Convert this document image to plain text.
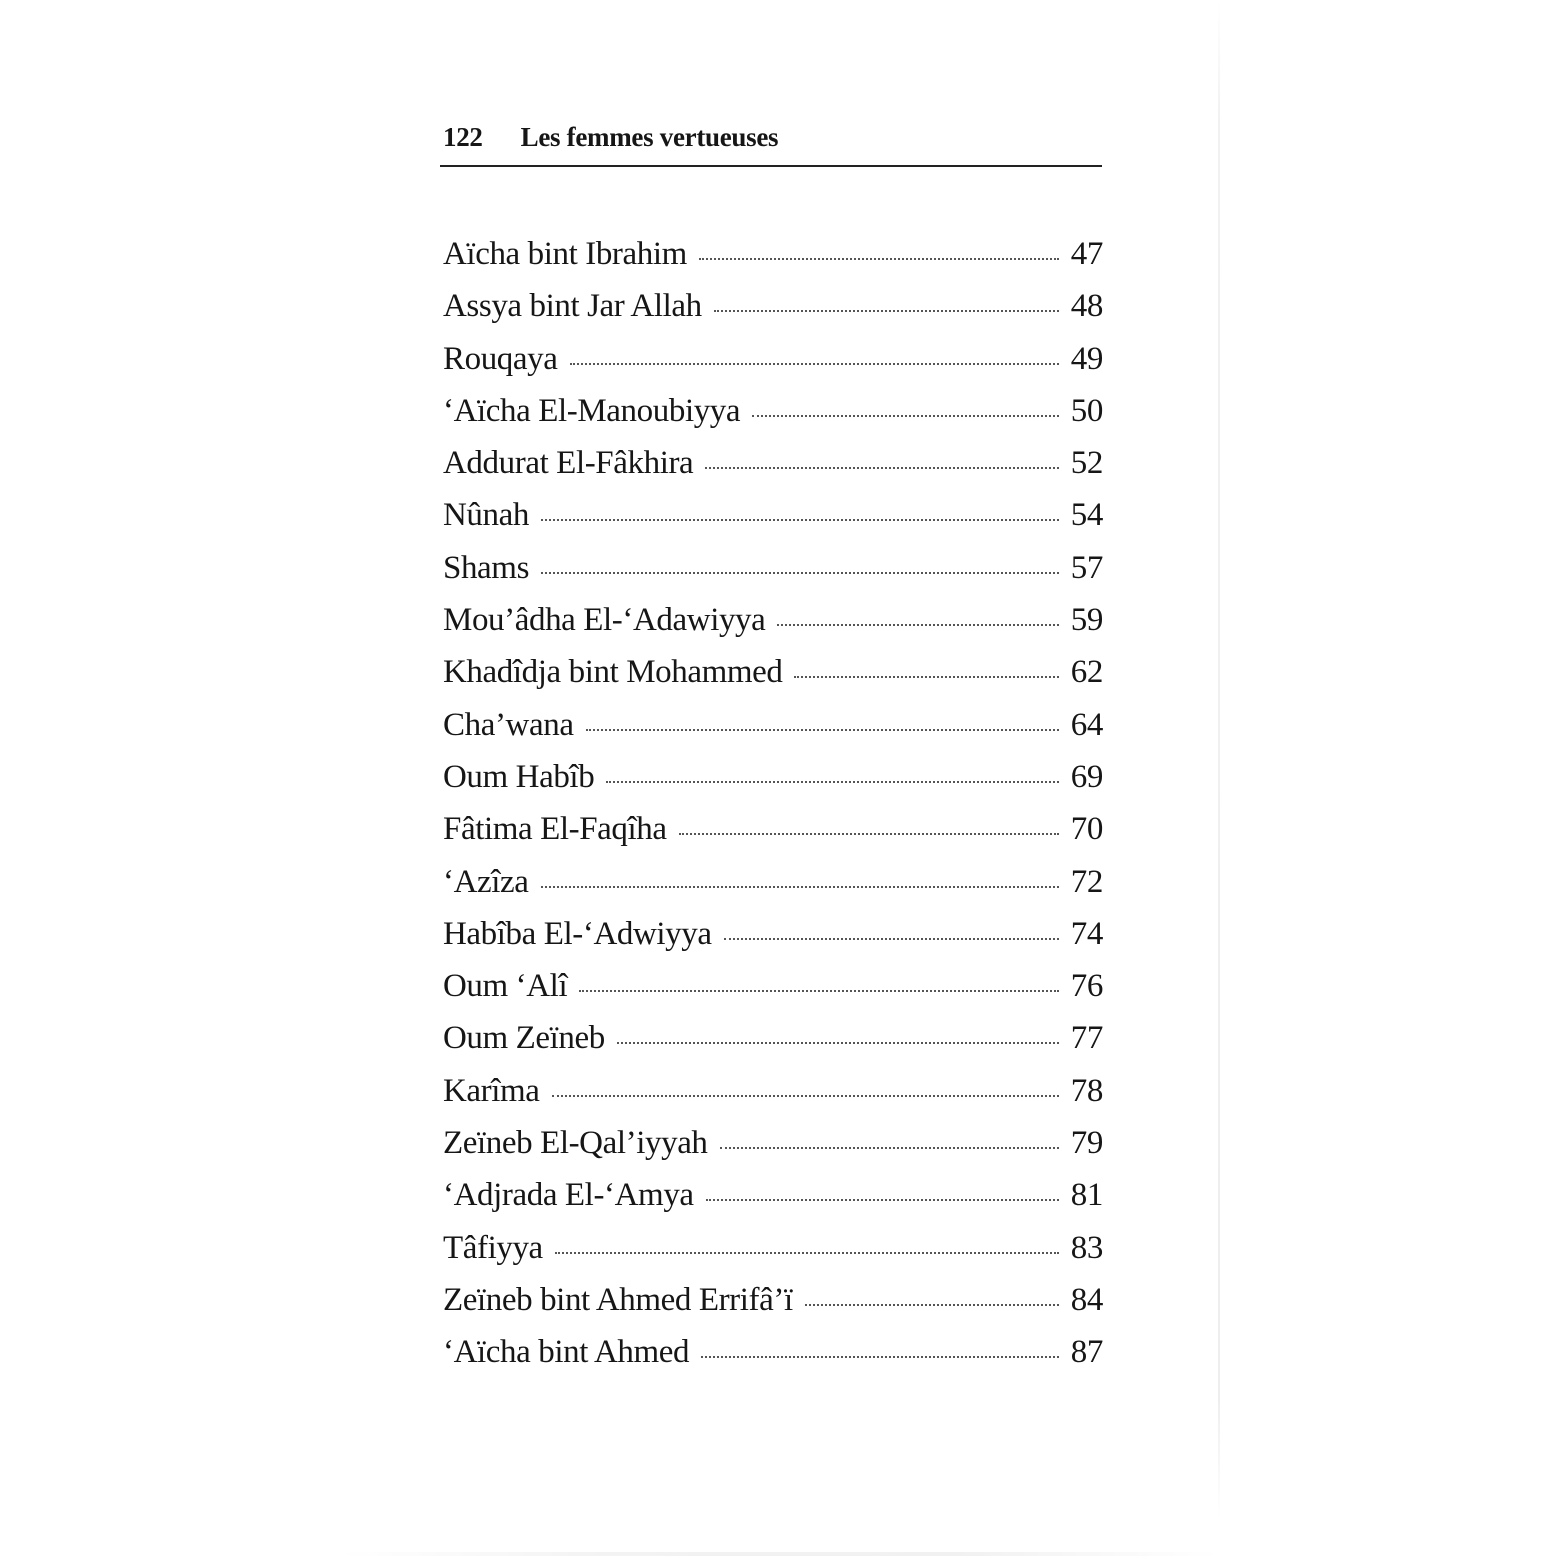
122 Les femmes vertueuses
Aïcha bint Ibrahim	47
Assya bint Jar Allah	48
Rouqaya	49
‘Aïcha El-Manoubiyya	50
Addurat El-Fâkhira	52
Nûnah	54
Shams	57
Mou’âdha El-‘Adawiyya	59
Khadîdja bint Mohammed	62
Cha’wana	64
Oum Habîb	69
Fâtima El-Faqîha	70
‘Azîza	72
Habîba El-‘Adwiyya	74
Oum ‘Alî	76
Oum Zeïneb	77
Karîma	78
Zeïneb El-Qal’iyyah	79
‘Adjrada El-‘Amya	81
Tâfiyya	83
Zeïneb bint Ahmed Errifâ’ï	84
‘Aïcha bint Ahmed	87
